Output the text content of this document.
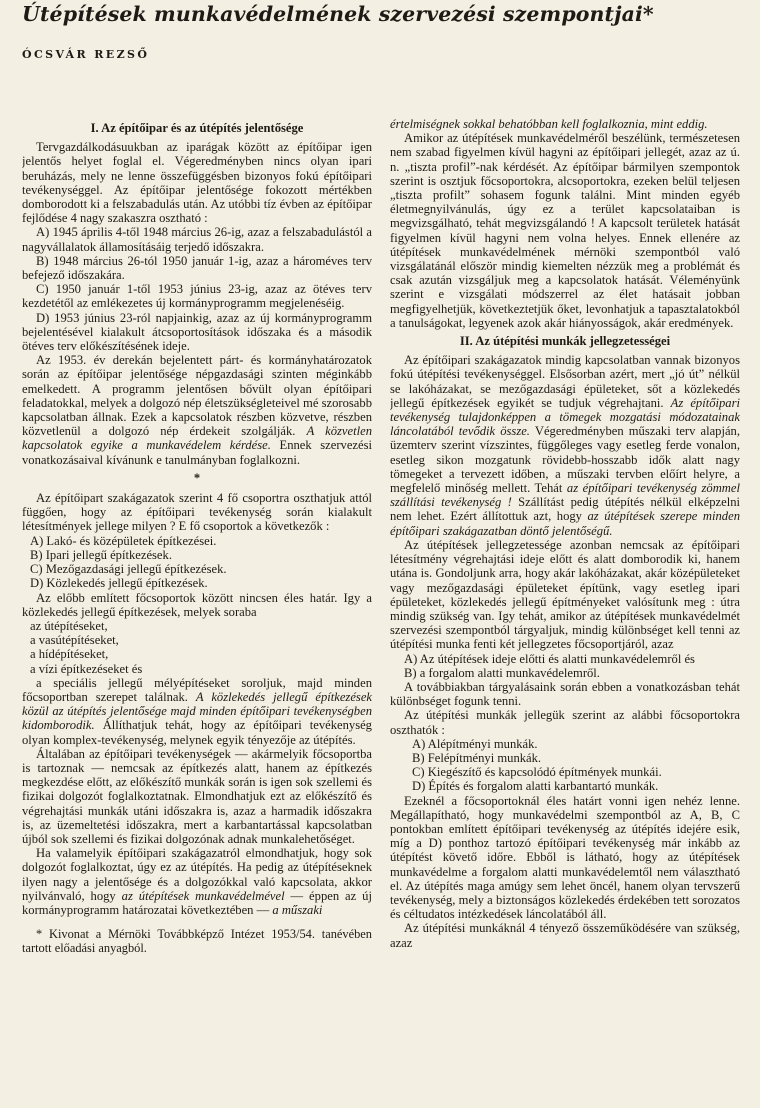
Útépítések munkavédelmének szervezési szempontjai*
ÓCSVÁR REZSŐ
I. Az építőipar és az útépítés jelentősége

Tervgazdálkodásuukban az iparágak között az építőipar igen jelentős helyet foglal el. Végeredményben nincs olyan ipari beruházás, mely ne lenne összefüggésben bizonyos fokú építőipari tevékenységgel. Az építőipar jelentősége fokozott mértékben domborodott ki a felszabadulás után. Az utóbbi tíz évben az építőipar fejlődése 4 nagy szakaszra osztható :

A) 1945 április 4-től 1948 március 26-ig, azaz a felszabadulástól a nagyvállalatok államosításáig terjedő időszakra.

B) 1948 március 26-tól 1950 január 1-ig, azaz a hároméves terv befejező időszakára.

C) 1950 január 1-től 1953 június 23-ig, azaz az ötéves terv kezdetétől az emlékezetes új kormányprogramm megjelenéséig.

D) 1953 június 23-ról napjainkig, azaz az új kormányprogramm bejelentésével kialakult átcsoportosítások időszaka és a második ötéves terv előkészítésének ideje.

Az 1953. év derekán bejelentett párt- és kormányhatározatok során az építőipar jelentősége népgazdasági szinten méginkább emelkedett. A programm jelentősen bővült olyan építőipari feladatokkal, melyek a dolgozó nép életszükségleteivel mé szorosabb kapcsolatban állnak. Ezek a kapcsolatok részben közvetve, részben közvetlenül a dolgozó nép érdekeit szolgálják. A közvetlen kapcsolatok egyike a munkavédelem kérdése. Ennek szervezési vonatkozásaival kívánunk e tanulmányban foglalkozni.

*

Az építőipart szakágazatok szerint 4 fő csoportra oszthatjuk attól függően, hogy az építőipari tevékenység során kialakult létesítmények jellege milyen ? E fő csoportok a következők :

A) Lakó- és középületek építkezései.

B) Ipari jellegű építkezések.

C) Mezőgazdasági jellegű építkezések.

D) Közlekedés jellegű építkezések.

Az előbb említett főcsoportok között nincsen éles határ. Igy a közlekedés jellegű építkezések, melyek soraba

az útépítéseket,

a vasútépítéseket,

a hídépítéseket,

a vízi építkezéseket és

a speciális jellegű mélyépítéseket soroljuk, majd minden főcsoportban szerepet találnak. A közlekedés jellegű építkezések közül az útépítés jelentősége majd minden építőipari tevékenységben kidomborodik. Állíthatjuk tehát, hogy az építőipari tevékenység olyan komplex-tevékenység, melynek egyik tényezője az útépítés.

Általában az építőipari tevékenységek — akármelyik főcsoportba is tartoznak — nemcsak az építkezés alatt, hanem az építkezés megkezdése előtt, az előkészítő munkák során is igen sok szellemi és fizikai dolgozót foglalkoztatnak. Elmondhatjuk ezt az előkészítő és végrehajtási munkák utáni időszakra is, azaz a harmadik időszakra is, az üzemeltetési időszakra, mert a karbantartással kapcsolatban újból sok szellemi és fizikai dolgozónak adnak munkalehetőséget.

Ha valamelyik építőipari szakágazatról elmondhatjuk, hogy sok dolgozót foglalkoztat, úgy ez az útépítés. Ha pedig az útépítéseknek ilyen nagy a jelentősége és a dolgozókkal való kapcsolata, akkor nyilvánvaló, hogy az útépítések munkavédelmével — éppen az új kormányprogramm határozatai következtében — a műszaki

* Kivonat a Mérnöki Továbbképző Intézet 1953/54. tanévében tartott előadási anyagból.

értelmiségnek sokkal behatóbban kell foglalkoznia, mint eddig.

Amikor az útépítések munkavédelméről beszélünk, természetesen nem szabad figyelmen kívül hagyni az építőipari jellegét, azaz az ú. n. „tiszta profil”-nak kérdését. Az építőipar bármilyen szempontok szerint is osztjuk főcsoportokra, alcsoportokra, ezeken belül teljesen „tiszta profilt” sohasem fogunk találni. Mint minden egyéb életmegnyilvánulás, úgy ez a terület kapcsolataiban is megvizsgálható, tehát megvizsgálandó ! A kapcsolt területek hatását figyelmen kívül hagyni nem volna helyes. Ennek ellenére az útépítések munkavédelmének mérnöki szempontból való vizsgálatánál először mindig kiemelten nézzük meg a problémát és csak azután vizsgáljuk meg a kapcsolatok hatását. Véleményünk szerint e vizsgálati módszerrel az élet hatásait jobban megfigyelhetjük, következtetjük őket, levonhatjuk a tapasztalatokból a tanulságokat, legyenek azok akár hiányosságok, akár eredmények.

II. Az útépítési munkák jellegzetességei

Az építőipari szakágazatok mindig kapcsolatban vannak bizonyos fokú útépítési tevékenységgel. Elsősorban azért, mert „jó út” nélkül se lakóházakat, se mezőgazdasági épületeket, sőt a közlekedés jellegű építkezések egyikét se tudjuk végrehajtani. Az építőipari tevékenység tulajdonképpen a tömegek mozgatási módozatainak láncolatából tevődik össze. Végeredményben műszaki terv alapján, üzemterv szerint vízszintes, függőleges vagy esetleg ferde vonalon, esetleg sikon mozgatunk rövidebb-hosszabb idők alatt nagy tömegeket a tervezett időben, a műszaki tervben előírt helyre, a megfelelő minőség mellett. Tehát az építőipari tevékenység zömmel szállítási tevékenység ! Szállítást pedig útépítés nélkül elképzelni nem lehet. Ezért állítottuk azt, hogy az útépítések szerepe minden építőipari szakágazatban döntő jelentőségű.

Az útépítések jellegzetessége azonban nemcsak az építőipari létesítmény végrehajtási ideje előtt és alatt domborodik ki, hanem utána is. Gondoljunk arra, hogy akár lakóházakat, akár középületeket vagy mezőgazdasági épületeket építünk, vagy esetleg ipari épületeket, közlekedés jellegű építményeket valósítunk meg : útra mindig szükség van. Igy tehát, amikor az útépítések munkavédelmét szervezési szempontból tárgyaljuk, mindig különbséget kell tenni az útépítési munka fenti két jellegzetes főcsoportjáról, azaz

A) Az útépítések ideje előtti és alatti munkavédelemről és

B) a forgalom alatti munkavédelemről.

A továbbiakban tárgyalásaink során ebben a vonatkozásban tehát különbséget fogunk tenni.

Az útépítési munkák jellegük szerint az alábbi főcsoportokra oszthatók :

A) Alépítményi munkák.

B) Felépítményi munkák.

C) Kiegészítő és kapcsolódó építmények munkái.

D) Építés és forgalom alatti karbantartó munkák.

Ezeknél a főcsoportoknál éles határt vonni igen nehéz lenne. Megállapítható, hogy munkavédelmi szempontból az A, B, C pontokban említett építőipari tevékenység az útépítés idejére esik, míg a D) ponthoz tartozó építőipari tevékenység már inkább az útépítést követő időre. Ebből is látható, hogy az útépítések munkavédelme a forgalom alatti munkavédelemtől nem választható el. Az útépítés maga amúgy sem lehet öncél, hanem olyan tervszerű tevékenység, mely a biztonságos közlekedés érdekében tett sorozatos és céltudatos intézkedések láncolatából áll.

Az útépítési munkáknál 4 tényező összeműködésére van szükség, azaz
